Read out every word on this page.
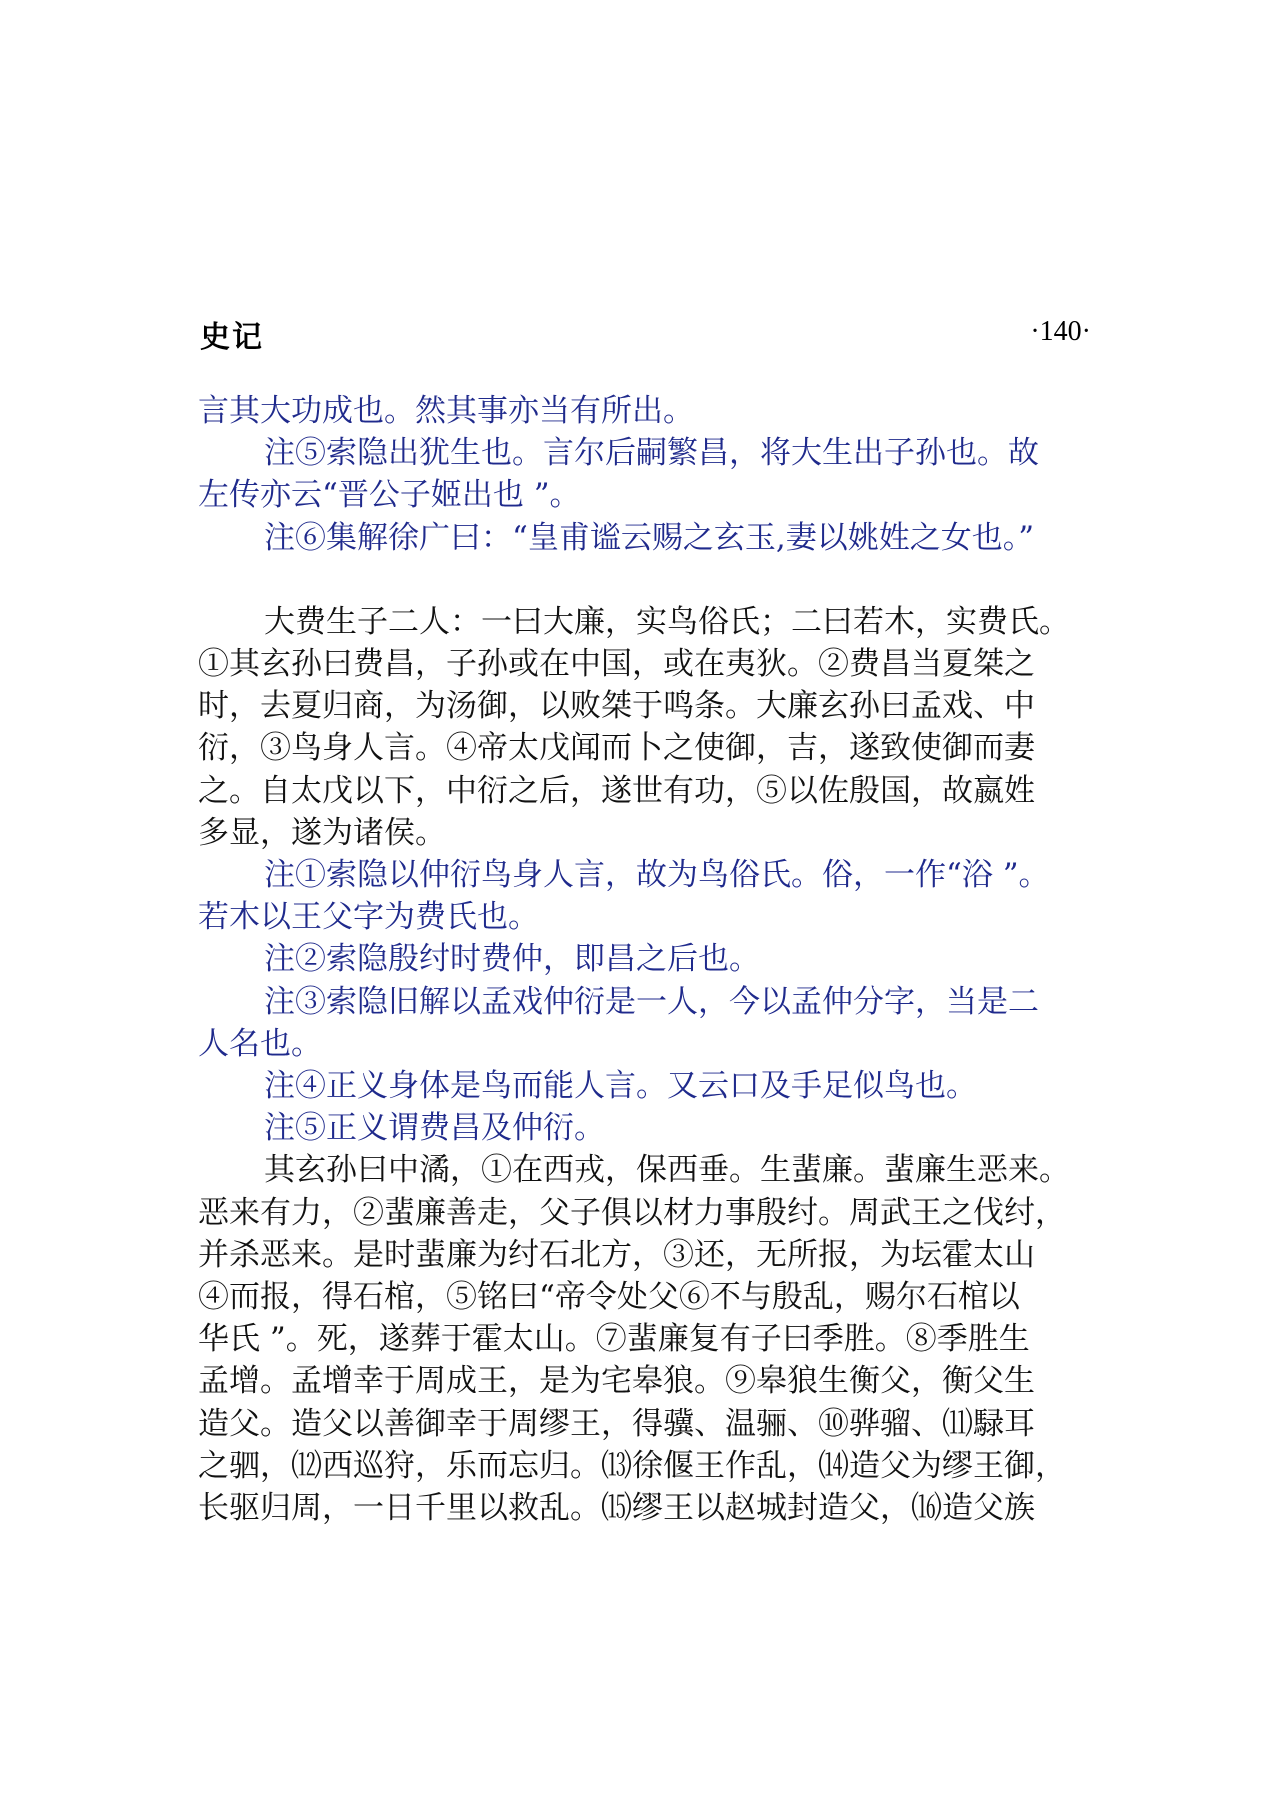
史记	·140·

言其大功成也。然其事亦当有所出。

注⑤索隐出犹生也。言尔后嗣繁昌，将大生出子孙也。故

左传亦云“晋公子姬出也 ”。

注⑥集解徐广曰：“皇甫谧云赐之玄玉,妻以姚姓之女也。”

大费生子二人：一曰大廉，实鸟俗氏；二曰若木，实费氏。

①其玄孙曰费昌，子孙或在中国，或在夷狄。②费昌当夏桀之

时，去夏归商，为汤御，以败桀于鸣条。大廉玄孙曰孟戏、中

衍，③鸟身人言。④帝太戊闻而卜之使御，吉，遂致使御而妻

之。自太戊以下，中衍之后，遂世有功，⑤以佐殷国，故嬴姓

多显，遂为诸侯。

注①索隐以仲衍鸟身人言，故为鸟俗氏。俗，一作“浴 ”。

若木以王父字为费氏也。

注②索隐殷纣时费仲，即昌之后也。

注③索隐旧解以孟戏仲衍是一人，今以孟仲分字，当是二

人名也。

注④正义身体是鸟而能人言。又云口及手足似鸟也。

注⑤正义谓费昌及仲衍。

其玄孙曰中潏，①在西戎，保西垂。生蜚廉。蜚廉生恶来。

恶来有力，②蜚廉善走，父子俱以材力事殷纣。周武王之伐纣，

并杀恶来。是时蜚廉为纣石北方，③还，无所报，为坛霍太山

④而报，得石棺，⑤铭曰“帝令处父⑥不与殷乱，赐尔石棺以

华氏 ”。死，遂葬于霍太山。⑦蜚廉复有子曰季胜。⑧季胜生

孟增。孟增幸于周成王，是为宅皋狼。⑨皋狼生衡父，衡父生

造父。造父以善御幸于周缪王，得骥、温骊、⑩骅骝、⑾騄耳

之驷，⑿西巡狩，乐而忘归。⒀徐偃王作乱，⒁造父为缪王御，

长驱归周，一日千里以救乱。⒂缪王以赵城封造父，⒃造父族
